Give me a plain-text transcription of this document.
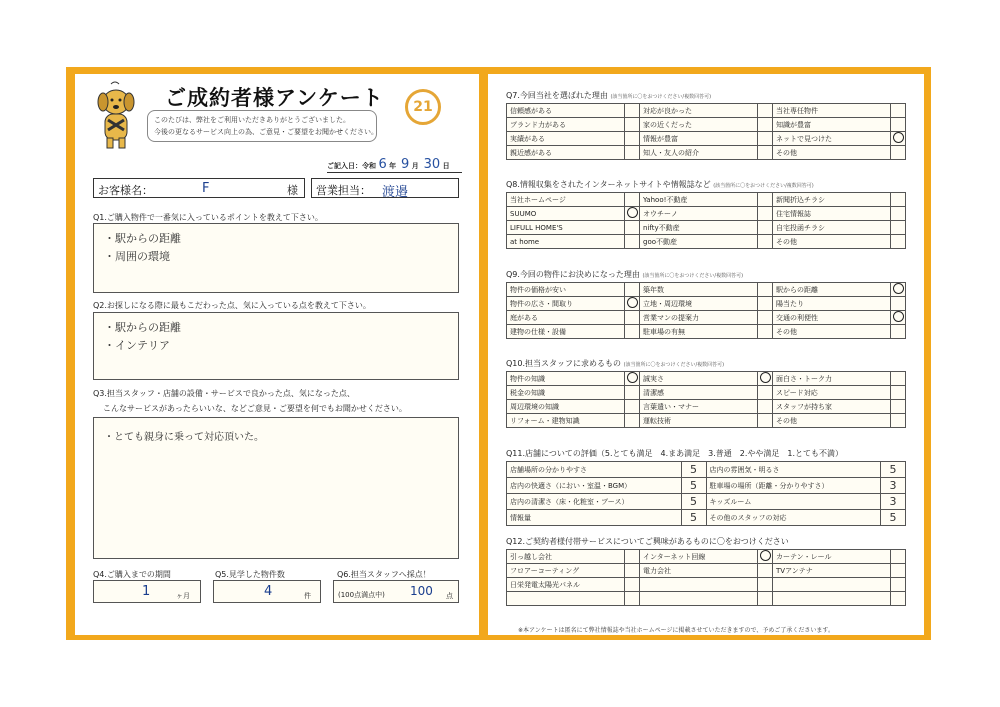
ご成約者様アンケート
このたびは、弊社をご利用いただきありがとうございました。
今後の更なるサービス向上の為、ご意見・ご要望をお聞かせください。
21
ご記入日：令和 6 年 9 月 30 日
お客様名：	F	様 営業担当： 渡邉
Q1.ご購入物件で一番気に入っているポイントを教えて下さい。
・駅からの距離
・周囲の環境
Q2.お探しになる際に最もこだわった点、気に入っている点を教えて下さい。
・駅からの距離
・インテリア
Q3.担当スタッフ・店舗の設備・サービスで良かった点、気になった点、
こんなサービスがあったらいいな、などご意見・ご要望を何でもお聞かせください。
・とても親身に乗って対応頂いた。
Q4.ご購入までの期間
1	ヶ月
Q5.見学した物件数
4	件
Q6.担当スタッフへ採点！
(100点満点中) 100 点
Q7.今回当社を選ばれた理由 (該当箇所に〇をおつけください/複数回答可)
信頼感がある		対応が良かった		当社専任物件	
ブランド力がある		家の近くだった		知識が豊富	
実績がある		情報が豊富		ネットで見つけた	
親近感がある		知人・友人の紹介		その他	
Q8.情報収集をされたインターネットサイトや情報誌など (該当箇所に〇をおつけください/複数回答可)
当社ホームページ		Yahoo!不動産		新聞折込チラシ	
SUUMO		オウチーノ		住宅情報誌	
LIFULL HOME'S		nifty不動産		自宅投函チラシ	
at home		goo不動産		その他	
Q9.今回の物件にお決めになった理由 (該当箇所に〇をおつけください/複数回答可)
物件の価格が安い		築年数		駅からの距離	
物件の広さ・間取り		立地・周辺環境		陽当たり	
庭がある		営業マンの提案力		交通の利便性	
建物の仕様・設備		駐車場の有無		その他	
Q10.担当スタッフに求めるもの (該当箇所に〇をおつけください/複数回答可)
物件の知識		誠実さ		面白さ・トーク力	
税金の知識		清潔感		スピード対応	
周辺環境の知識		言葉遣い・マナー		スタッフが持ち家	
リフォーム・建物知識		運転技術		その他	
Q11.店舗についての評価（5.とても満足　4.まあ満足　3.普通　2.やや満足　1.とても不満）
店舗場所の分かりやすさ	5	店内の雰囲気・明るさ	5
店内の快適さ（におい・室温・BGM）	5	駐車場の場所（距離・分かりやすさ）	3
店内の清潔さ（床・化粧室・ブース）	5	キッズルーム	3
情報量	5	その他のスタッフの対応	5
Q12.ご契約者様付帯サービスについてご興味があるものに〇をおつけください
引っ越し会社		インターネット回線		カーテン・レール	
フロアーコーティング		電力会社		TVアンテナ	
日栄発電太陽光パネル					

※本アンケートは匿名にて弊社情報誌や当社ホームページに掲載させていただきますので、予めご了承くださいます。
